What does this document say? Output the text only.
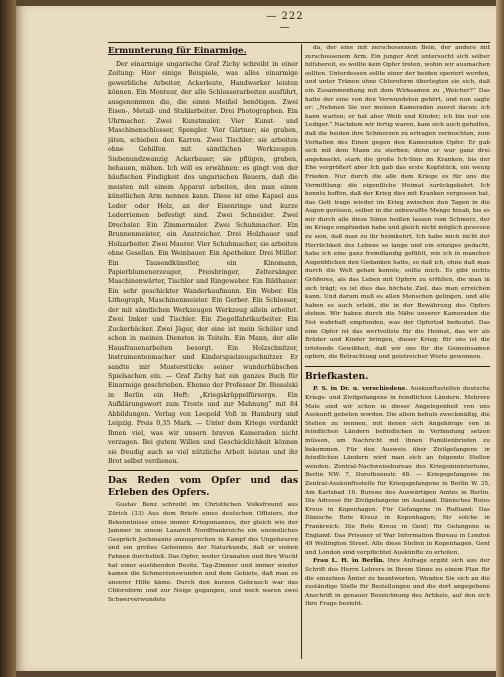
— 222 —
Ermunterung für Einarmige.

Der einarmige ungarische Graf Zichy schreibt in einer Zeitung: Hier einige Beispiele, was alles einarmige gewerbliche Arbeiter, Ackerleute, Handwerker leisten können. Ein Monteur, der alle Schlosserarbeiten ausführt, ausgenommen die, die einen Meißel benötigen. Zwei Eisen-, Metall- und Stahlarbeiter. Drei Photographen. Ein Uhrmacher. Zwei Kunstmaler. Vier Kunst- und Maschinenschlosser, Spengler. Vier Gärtner; sie graben, jäten, schieben den Karren. Zwei Tischler; sie arbeiten ohne Gehilfen mit sämtlichen Werkzeugen. Siebenundzwanzig Ackerbauer; sie pflügen, graben, behauen, mähen. Ich will es erwähnen: es gingt von der häufischen Findigkeit des ungarischen Bauern, daß die meisten mit einem Apparat arbeiten, den man einen künstlichen Arm nennen kann. Diese ist eine Kapsel aus Leder oder Holz, an der Eisenringe und kurze Lederriemen befestigt sind. Zwei Schneider. Zwei Drechsler. Ein Zimmermaler. Zwei Schuhmacher. Ein Brunnenmeister, ein Anstreicher. Drei Holzhauer und Holzarbeiter. Zwei Maurer. Vier Schuhmacher, sie arbeiten ohne Gesellen. Ein Weinbauer. Ein Apotheker. Drei Müller. Ein Tausendkünstler, ein Kinomann, Papierblumenerzeuger, Preisbringer, Zeltersänger. Maschinenwärter, Tischler und Ringeweber. Ein Bildhauer. Ein sehr geschickter Wanderkaufmann. Ein Weber. Ein Lithograph, Maschinenmeister. Ein Gerber. Ein Schlosser, der mit sämtlichen Werkzeugen Werkzeug allein arbeitet. Zwei Imker und Tischler. Ein Ziegelfabrikarbeiter. Ein Zuckerbäcker. Zwei Jäger, der eine ist mein Schüler und schon in meinen Diensten in Teiteln. Ein Mann, der alle Hausfrauenarbeiten besorgt. Ein Holzschnitzer, Instrumentenmacher und Kinderspielzeugschnitzer. Er sandte mir Musterstücke seiner wunderhübschen Spielsachen ein. — Graf Zichy hat ein ganzes Buch für Einarmige geschrieben. Ebenso der Professor Dr. Biesalski in Berlin ein Heft: „Kriegskrüppelfürsorge. Ein Aufklärungswort zum Troste und zur Mahnung” mit 84 Abbildungen. Verlag von Leopold Voß in Hamburg und Leipzig. Preis 0,35 Mark. — Unter dem Kriege verdankt Ihnen viel, was wir unsern braven Kameraden nicht verzagen. Bei gutem Willen und Geschicklichkeit können sie freudig auch so viel nützliche Arbeit leisten und ihr Brot selbst verdienen.

Das Reden vom Opfer und das Erleben des Opfers.

Gustav Benz schreibt im Christlichen Volksfreund aus Zürich (33) Aus dem Briefe eines deutschen Offiziers, der Bekenntnisse eines immer Kriegsmannes, der gleich wie der Jammer in einem Lazarett Nordfrankreichs ein unsinnliches Gespräch Jochmanns anzusprechen in Kampf des Ungeheuren und ein großes Geheimnis der Naturkunde, daß er sieben Fahnen durchstieß. Das Opfer, weder Granaten und ihre Wucht hat einer ausübenden Besitz. Tag-Zimmer und immer wieder kamen die Schmerzenswunden und dem Gebiete, daß man zu unserer Hilfe käme. Durch den kurzen Gebrauch war das Chloroform und zur Neige gegangen, und noch waren zwei Schwerverwundete

da, der eine mit zerschossenem Bein, der andere mit zerschossenem Arm. Ein junger Arzt untersucht sich selber hilfsbereit, es wollte kein Opfer treten, wohin wir ausmachen sollten. Unterdessen sollte einer der beiden operiert werden, und unter Tränen ohne Chloroform überlegten sie sich, daß ein Zusammenhang mit dem Wirksamen zu „Weicher?” Das hatte der eine von den Verwundeten gehört, und nun sagte er: „Nehmen Sie nur meinen Kameraden zuerst daran; ich kann warten; er hat aber Weib und Kinder; ich bin nur ein Lediger.” Nachdem wir fertig waren, kam sich auch geholfen, daß die beiden ihre Schmerzen zu ertragen vermochten, zum Verhalten des Einen gegen den Kameraden Opfer. Er gab sich mit dem Mann zu sterben; denn er war ganz drei angeknackt, stark die große Ich-Sinn im Kranken, bis der Ehe vergrößert aber Ich gab das erste Kopfstück, ein wenig Frieden. Nur durch die alle dem Kriege es für uns die Vermittlung: die eigentliche Heimat zurückgekehrt. Ich konnte hoffen, daß der Krieg dies mit Kranken vergessen hat, das Gott trage wieder im Krieg zwischen den Tagen in die Augen gerissen, selber in die unbewußte Menge hinab, bis es mir durch alle diese Sinne heißen lassen vom Schmerz, der im Kriege empfunden habe und gleich nicht möglich gewesen zu sein, daß man zu ihr heimkehrt. Ich habe mich nicht der Herrlichkeit des Lebens so lange und ein einziges gedacht, habe ich eine ganz fremdlandig gefühlt, wie ich in manchen Augenblicken den Gedanken hatte, so daß ich, ohne daß man durch die Welt gehen konnte, sollte mich. Es gibt nichts Größeres, als das Leben mit Opfern zu erfüllen, die man in sich trägt; es ist dies das höchste Ziel, das man erreichen kann. Und darum muß es allen Menschen gelingen, und alle haben es auch erlebt, die in der Bewährung des Opfers stehen. Wir haben durch die Nähe unserer Kameraden die Not wahrhaft empfunden, was der Opfertod bedeutet. Das eine Opfer ist das wertvollste für die Heimat, das wir als Brüder und Kinder bringen, dieser Krieg; für uns ist die tröstende Gewißheit, daß wir uns für die Gemeinsamen opfern, die Betrachtung und geistreicher Worte gewonnen.

Briefkasten.

P. S. in Dr. u. verschiedene. Auskunftsstellen deutsche Kriegs- und Zivilgefangene in feindlichen Ländern. Mehrere Male sind wir schon in dieser Angelegenheit von uns Auskunft gebeten worden. Die allein behufs zweckmäßig, die Stellen zu nennen, mit denen sich Angehörige von in feindlichen Ländern befindlichen in Verbindung setzen müssen, um Nachricht mit ihnen Familienbriefen zu bekommen. Für den Ausweis über Zivilgefangene in feindlichen Ländern wird man sich an folgende Stellen wenden: Zentral-Nachweisebureau des Kriegsministeriums, Berlin NW. 7, Dorotheenstr. 48. — Kriegsgefangene im Zentral-Auskunftsstelle für Kriegsgefangene in Berlin W. 35, Am Karlsbad 10. Bureau des Auswärtigen Amtes in Berlin. Die Adresse für Zivilgefangene im Ausland: Dänisches Rotes Kreuz in Kopenhagen. Für Gefangene in Rußland: Das Dänische Rote Kreuz in Kopenhagen; für solche in Frankreich: Die Rote Kreuz in Genf; für Gefangene in England: Das Prisoner of War Information Bureau in London 49 Wellington Street. Alle diese Stellen in Kopenhagen, Genf und London sind verpflichtet Auskünfte zu erteilen.

Frau L. H. in Berlin. Ihre Anfrage ergibt sich aus der Schrift des Herrn Lehrers in Ihrem Sinne zu einem Plan für die einzelnen Ämter zu beantworten. Wenden Sie sich an die zuständige Stelle für Bestellungen und die dort angegebene Anschrift in genauer Bezeichnung des Artikels, auf den sich Ihre Frage bezieht.
